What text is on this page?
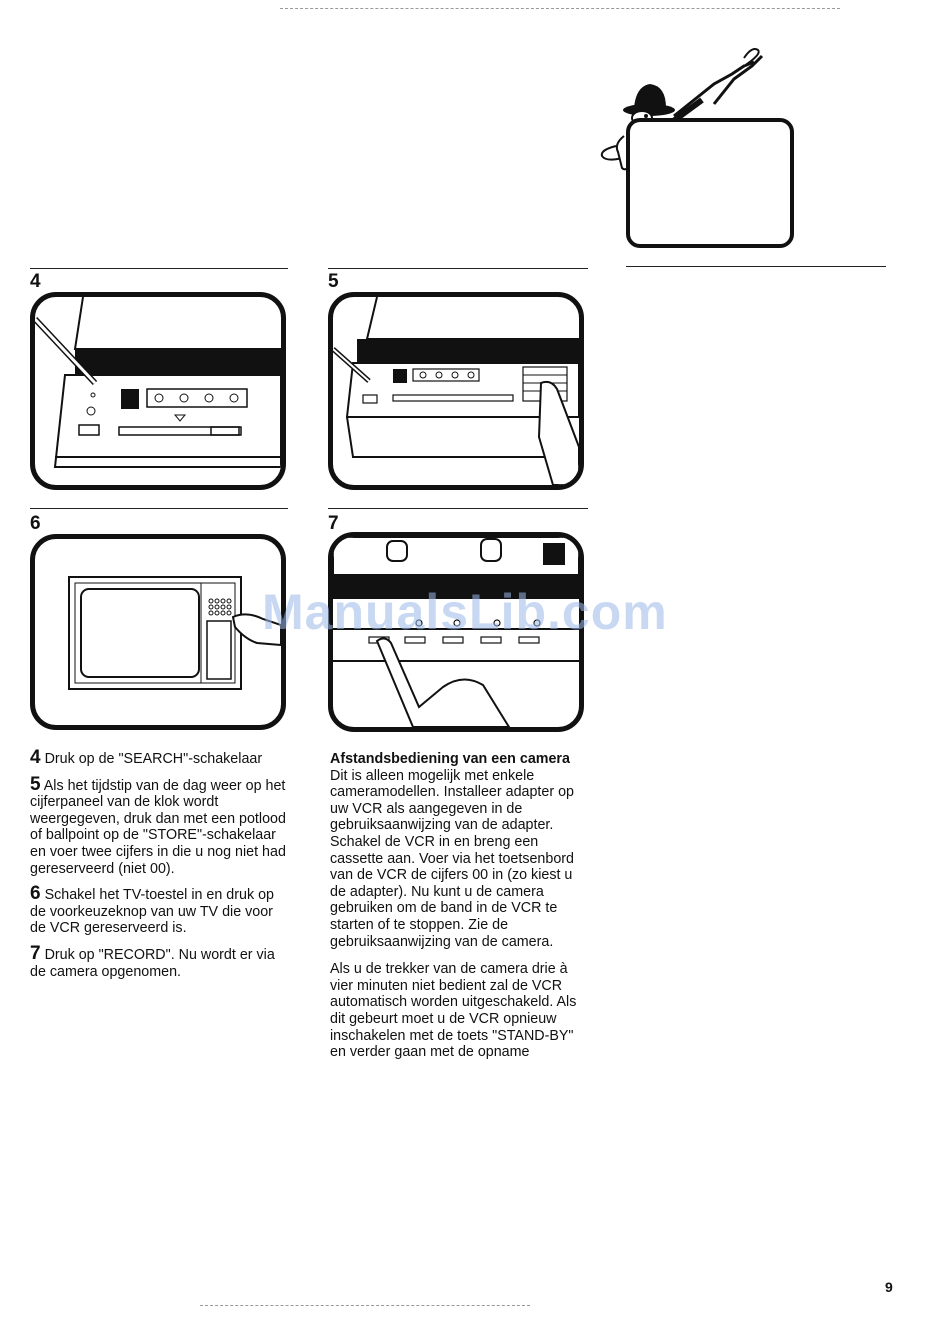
4	5
6	7

4 Druk op de "SEARCH"-schakelaar

5 Als het tijdstip van de dag weer op het cijferpaneel van de klok wordt weergegeven, druk dan met een potlood of ballpoint op de "STORE"-schakelaar en voer twee cijfers in die u nog niet had gereserveerd (niet 00).

6 Schakel het TV-toestel in en druk op de voorkeuzeknop van uw TV die voor de VCR gereserveerd is.

7 Druk op "RECORD". Nu wordt er via de camera opgenomen.

Afstandsbediening van een camera
Dit is alleen mogelijk met enkele cameramodellen. Installeer adapter op uw VCR als aangegeven in de gebruiksaanwijzing van de adapter. Schakel de VCR in en breng een cassette aan. Voer via het toetsenbord van de VCR de cijfers 00 in (zo kiest u de adapter). Nu kunt u de camera gebruiken om de band in de VCR te starten of te stoppen. Zie de gebruiksaanwijzing van de camera.

Als u de trekker van de camera drie à vier minuten niet bedient zal de VCR automatisch worden uitgeschakeld. Als dit gebeurt moet u de VCR opnieuw inschakelen met de toets "STAND-BY" en verder gaan met de opname

ManualsLib.com
9
